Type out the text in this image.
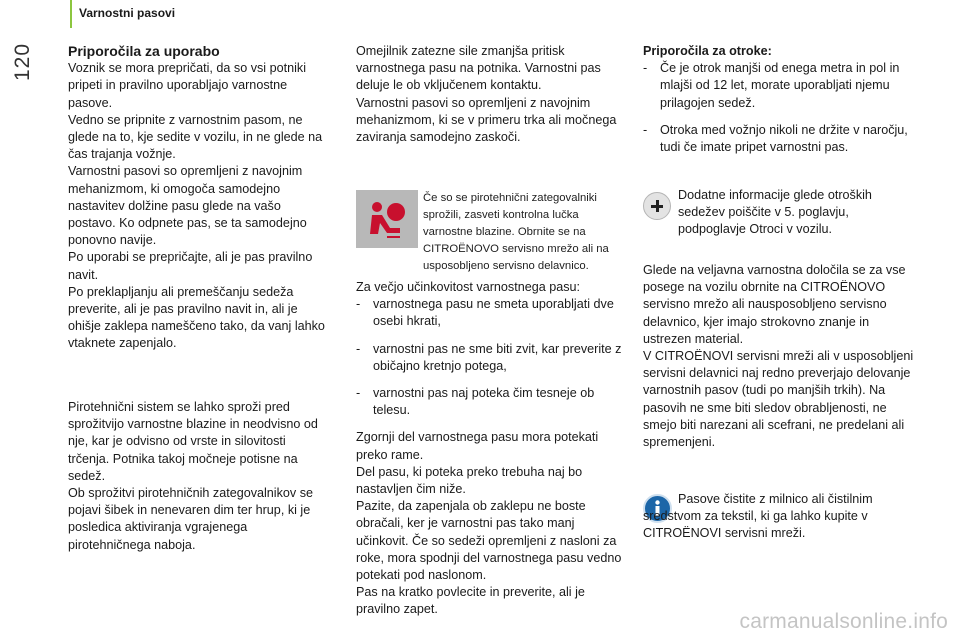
Varnostni pasovi
120 Priporočila za uporabo

Voznik se mora prepričati, da so vsi potniki pripeti in pravilno uporabljajo varnostne pasove.

Vedno se pripnite z varnostnim pasom, ne glede na to, kje sedite v vozilu, in ne glede na čas trajanja vožnje.

Varnostni pasovi so opremljeni z navojnim mehanizmom, ki omogoča samodejno nastavitev dolžine pasu glede na vašo postavo. Ko odpnete pas, se ta samodejno ponovno navije.

Po uporabi se prepričajte, ali je pas pravilno navit.

Po preklapljanju ali premeščanju sedeža preverite, ali je pas pravilno navit in, ali je ohišje zaklepa nameščeno tako, da vanj lahko vtaknete zapenjalo.

Pirotehnični sistem se lahko sproži pred sprožitvijo varnostne blazine in neodvisno od nje, kar je odvisno od vrste in silovitosti trčenja. Potnika takoj močneje potisne na sedež.

Ob sprožitvi pirotehničnih zategovalnikov se pojavi šibek in nenevaren dim ter hrup, ki je posledica aktiviranja vgrajenega pirotehničnega naboja.

Omejilnik zatezne sile zmanjša pritisk varnostnega pasu na potnika. Varnostni pas deluje le ob vključenem kontaktu.

Varnostni pasovi so opremljeni z navojnim mehanizmom, ki se v primeru trka ali močnega zaviranja samodejno zaskoči.

Če so se pirotehnični zategovalniki sprožili, zasveti kontrolna lučka varnostne blazine. Obrnite se na CITROËNOVO servisno mrežo ali na usposobljeno servisno delavnico.

Za večjo učinkovitost varnostnega pasu:

- varnostnega pasu ne smeta uporabljati dve osebi hkrati,
- varnostni pas ne sme biti zvit, kar preverite z običajno kretnjo potega,
- varnostni pas naj poteka čim tesneje ob telesu.

Zgornji del varnostnega pasu mora potekati preko rame.

Del pasu, ki poteka preko trebuha naj bo nastavljen čim niže.

Pazite, da zapenjala ob zaklepu ne boste obračali, ker je varnostni pas tako manj učinkovit. Če so sedeži opremljeni z nasloni za roke, mora spodnji del varnostnega pasu vedno potekati pod naslonom.

Pas na kratko povlecite in preverite, ali je pravilno zapet.

Priporočila za otroke:

- Če je otrok manjši od enega metra in pol in mlajši od 12 let, morate uporabljati njemu prilagojen sedež.
- Otroka med vožnjo nikoli ne držite v naročju, tudi če imate pripet varnostni pas.

Dodatne informacije glede otroških sedežev poiščite v 5. poglavju, podpoglavje Otroci v vozilu.

Glede na veljavna varnostna določila se za vse posege na vozilu obrnite na CITROËNOVO servisno mrežo ali nausposobljeno servisno delavnico, kjer imajo strokovno znanje in ustrezen material.

V CITROËNOVI servisni mreži ali v usposobljeni servisni delavnici naj redno preverjajo delovanje varnostnih pasov (tudi po manjših trkih). Na pasovih ne sme biti sledov obrabljenosti, ne smejo biti narezani ali scefrani, ne predelani ali spremenjeni.

Pasove čistite z milnico ali čistilnim sredstvom za tekstil, ki ga lahko kupite v CITROËNOVI servisni mreži.

carmanualsonline.info
